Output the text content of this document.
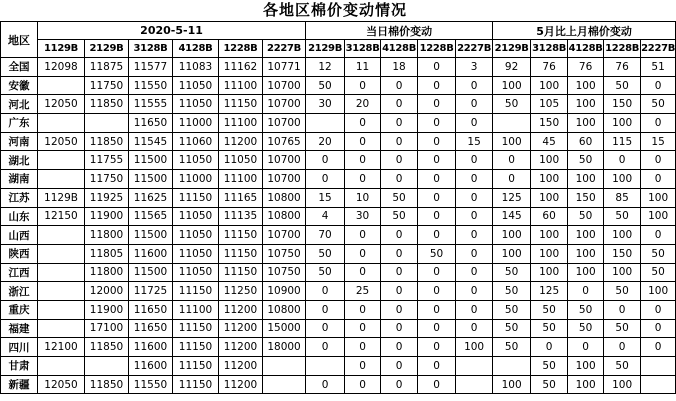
各地区棉价变动情况
地区	2020-5-11						当日棉价变动					5月比上月棉价变动				
	1129B	2129B	3128B	4128B	1228B	2227B	2129B	3128B	4128B	1228B	2227B	2129B	3128B	4128B	1228B	2227B
全国	12098	11875	11577	11083	11162	10771	12	11	18	0	3	92	76	76	76	51
安徽		11750	11550	11050	11100	10700	50	0	0	0	0	100	100	100	50	0
河北	12050	11850	11555	11050	11150	10700	30	20	0	0	0	50	105	100	150	50
广东			11650	11000	11100	10700		0	0	0	0		150	100	100	0
河南	12050	11850	11545	11060	11200	10765	20	0	0	0	15	100	45	60	115	15
湖北		11755	11500	11050	11050	10700	0	0	0	0	0	0	100	50	0	0
湖南		11750	11500	11000	11100	10700	0	0	0	0	0	0	100	100	100	0
江苏	1129B	11925	11625	11150	11165	10800	15	10	50	0	0	125	100	150	85	100
山东	12150	11900	11565	11050	11135	10800	4	30	50	0	0	145	60	50	50	100
山西		11800	11500	11050	11150	10700	70	0	0	0	0	100	100	100	100	0
陕西		11805	11600	11050	11150	10750	50	0	0	50	0	100	100	100	150	50
江西		11800	11500	11050	11150	10750	50	0	0	0	0	50	100	100	100	50
浙江		12000	11725	11150	11250	10900	0	25	0	0	0	50	125	0	50	100
重庆		11900	11650	11100	11200	10800	0	0	0	0	0	50	50	50	0	0
福建		17100	11650	11150	11200	15000	0	0	0	0	0	50	50	50	50	0
四川	12100	11850	11600	11150	11200	18000	0	0	0	0	100	50	0	0	0	0
甘肃			11600	11150	11200			0	0	0			50	100	50	
新疆	12050	11850	11550	11150	11200		0	0	0	0		100	50	100	100	
